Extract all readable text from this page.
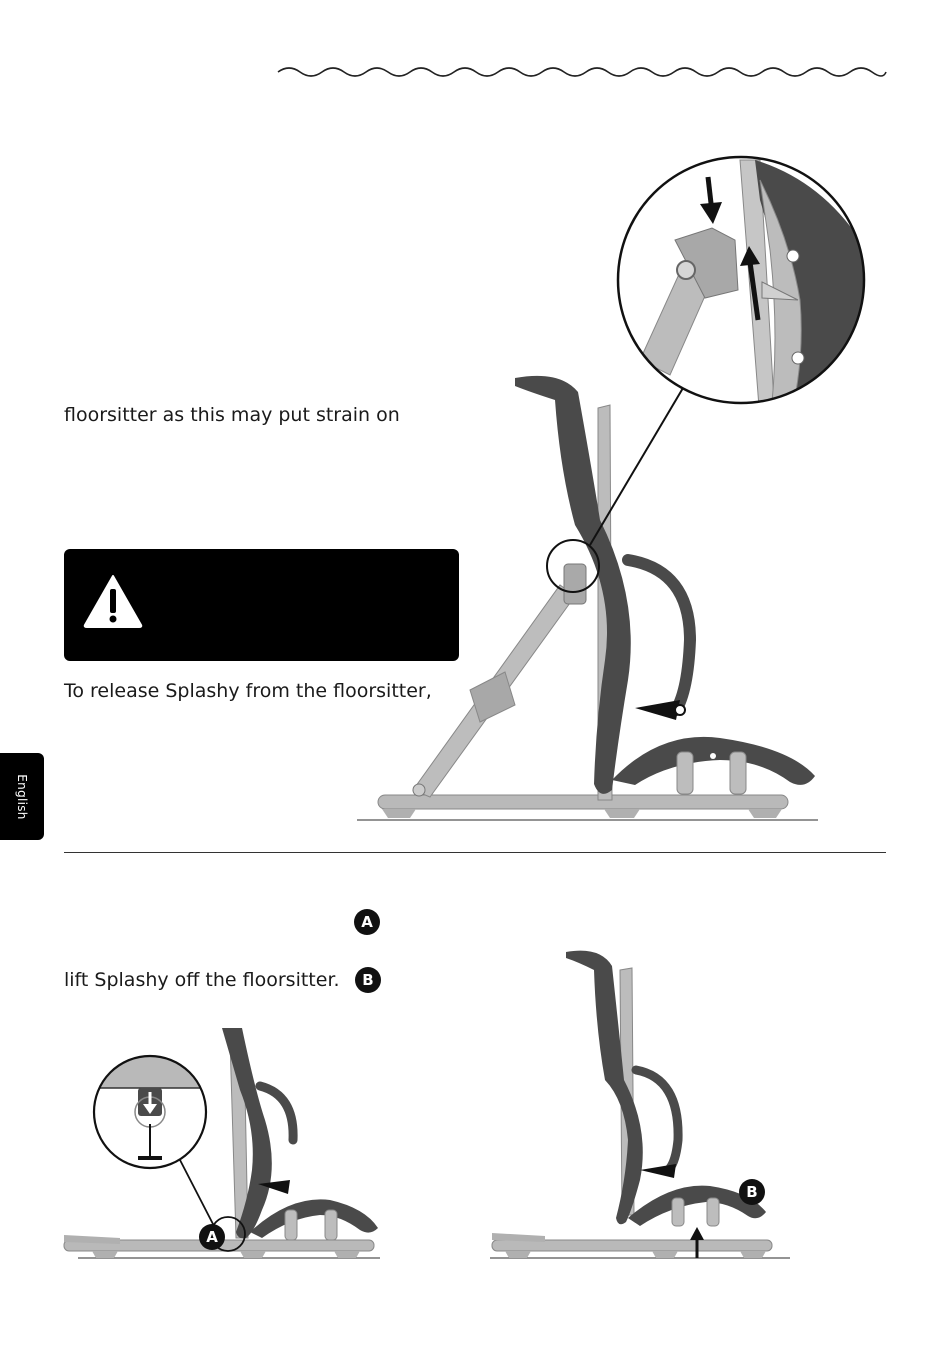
floorsitter as this may put strain on
To release Splashy from the floorsitter,
English
A
lift Splashy off the floorsitter.	B
A
B
